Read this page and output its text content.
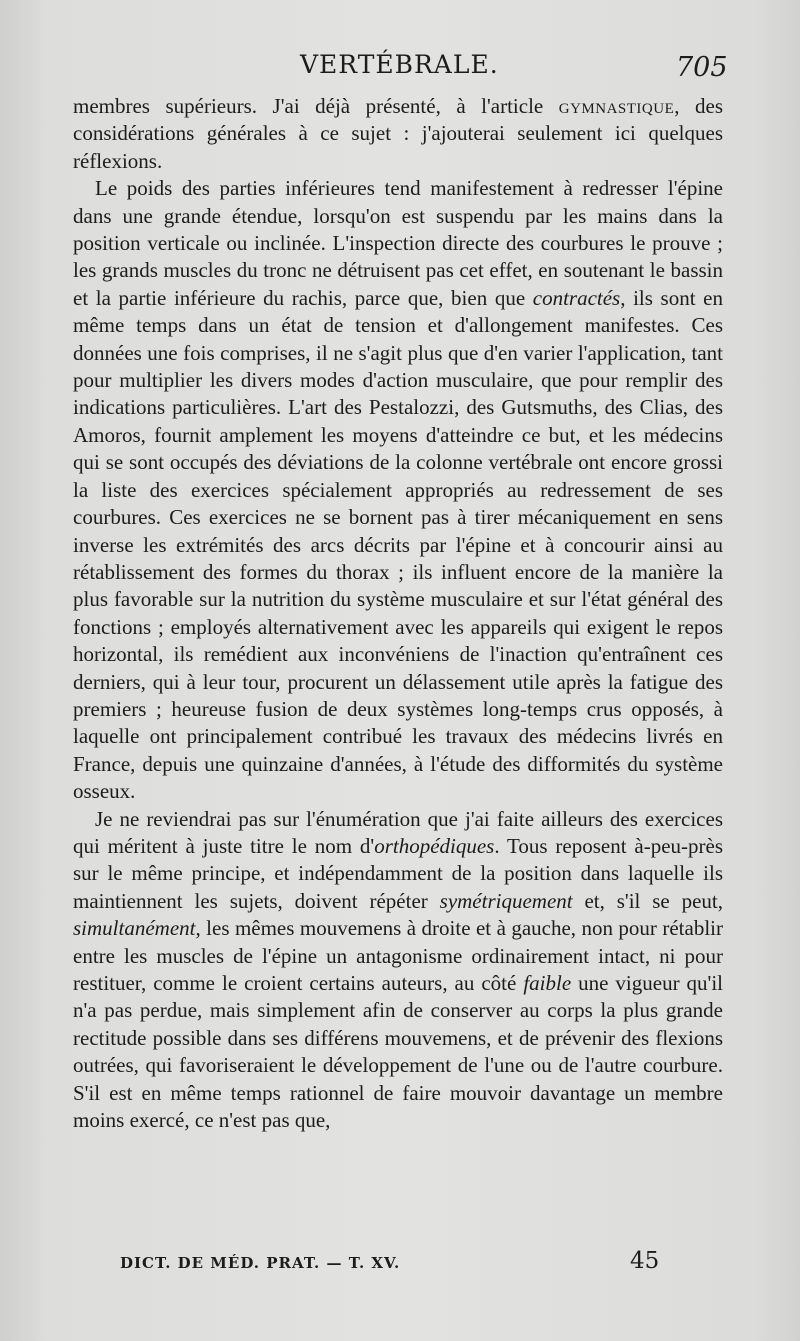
VERTÉBRALE.	705

membres supérieurs. J'ai déjà présenté, à l'article gymnastique, des considérations générales à ce sujet : j'ajouterai seulement ici quelques réflexions.

Le poids des parties inférieures tend manifestement à redresser l'épine dans une grande étendue, lorsqu'on est suspendu par les mains dans la position verticale ou inclinée. L'inspection directe des courbures le prouve ; les grands muscles du tronc ne détruisent pas cet effet, en soutenant le bassin et la partie inférieure du rachis, parce que, bien que contractés, ils sont en même temps dans un état de tension et d'allongement manifestes. Ces données une fois comprises, il ne s'agit plus que d'en varier l'application, tant pour multiplier les divers modes d'action musculaire, que pour remplir des indications particulières. L'art des Pestalozzi, des Gutsmuths, des Clias, des Amoros, fournit amplement les moyens d'atteindre ce but, et les médecins qui se sont occupés des déviations de la colonne vertébrale ont encore grossi la liste des exercices spécialement appropriés au redressement de ses courbures. Ces exercices ne se bornent pas à tirer mécaniquement en sens inverse les extrémités des arcs décrits par l'épine et à concourir ainsi au rétablissement des formes du thorax ; ils influent encore de la manière la plus favorable sur la nutrition du système musculaire et sur l'état général des fonctions ; employés alternativement avec les appareils qui exigent le repos horizontal, ils remédient aux inconvéniens de l'inaction qu'entraînent ces derniers, qui à leur tour, procurent un délassement utile après la fatigue des premiers ; heureuse fusion de deux systèmes long-temps crus opposés, à laquelle ont principalement contribué les travaux des médecins livrés en France, depuis une quinzaine d'années, à l'étude des difformités du système osseux.

Je ne reviendrai pas sur l'énumération que j'ai faite ailleurs des exercices qui méritent à juste titre le nom d'orthopédiques. Tous reposent à-peu-près sur le même principe, et indépendamment de la position dans laquelle ils maintiennent les sujets, doivent répéter symétriquement et, s'il se peut, simultanément, les mêmes mouvemens à droite et à gauche, non pour rétablir entre les muscles de l'épine un antagonisme ordinairement intact, ni pour restituer, comme le croient certains auteurs, au côté faible une vigueur qu'il n'a pas perdue, mais simplement afin de conserver au corps la plus grande rectitude possible dans ses différens mouvemens, et de prévenir des flexions outrées, qui favoriseraient le développement de l'une ou de l'autre courbure. S'il est en même temps rationnel de faire mouvoir davantage un membre moins exercé, ce n'est pas que,

DICT. DE MÉD. PRAT. — T. XV.	45
